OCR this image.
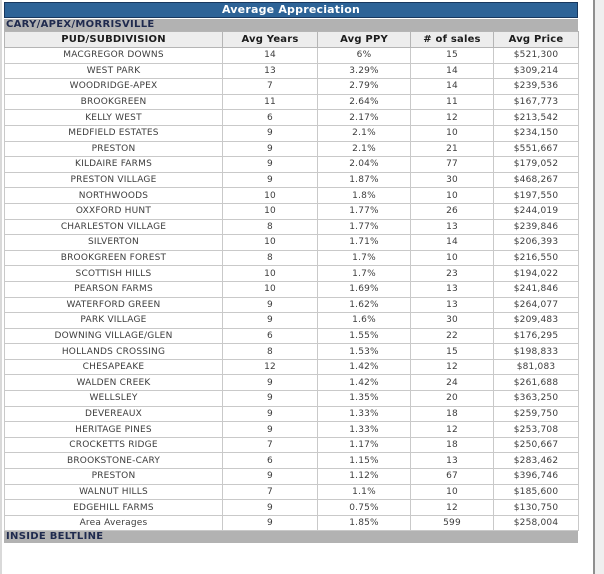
Average Appreciation
CARY/APEX/MORRISVILLE
PUD/SUBDIVISION	Avg Years	Avg PPY	# of sales	Avg Price
MACGREGOR DOWNS	14	6%	15	$521,300
WEST PARK	13	3.29%	14	$309,214
WOODRIDGE-APEX	7	2.79%	14	$239,536
BROOKGREEN	11	2.64%	11	$167,773
KELLY WEST	6	2.17%	12	$213,542
MEDFIELD ESTATES	9	2.1%	10	$234,150
PRESTON	9	2.1%	21	$551,667
KILDAIRE FARMS	9	2.04%	77	$179,052
PRESTON VILLAGE	9	1.87%	30	$468,267
NORTHWOODS	10	1.8%	10	$197,550
OXXFORD HUNT	10	1.77%	26	$244,019
CHARLESTON VILLAGE	8	1.77%	13	$239,846
SILVERTON	10	1.71%	14	$206,393
BROOKGREEN FOREST	8	1.7%	10	$216,550
SCOTTISH HILLS	10	1.7%	23	$194,022
PEARSON FARMS	10	1.69%	13	$241,846
WATERFORD GREEN	9	1.62%	13	$264,077
PARK VILLAGE	9	1.6%	30	$209,483
DOWNING VILLAGE/GLEN	6	1.55%	22	$176,295
HOLLANDS CROSSING	8	1.53%	15	$198,833
CHESAPEAKE	12	1.42%	12	$81,083
WALDEN CREEK	9	1.42%	24	$261,688
WELLSLEY	9	1.35%	20	$363,250
DEVEREAUX	9	1.33%	18	$259,750
HERITAGE PINES	9	1.33%	12	$253,708
CROCKETTS RIDGE	7	1.17%	18	$250,667
BROOKSTONE-CARY	6	1.15%	13	$283,462
PRESTON	9	1.12%	67	$396,746
WALNUT HILLS	7	1.1%	10	$185,600
EDGEHILL FARMS	9	0.75%	12	$130,750
Area Averages	9	1.85%	599	$258,004
INSIDE BELTLINE
